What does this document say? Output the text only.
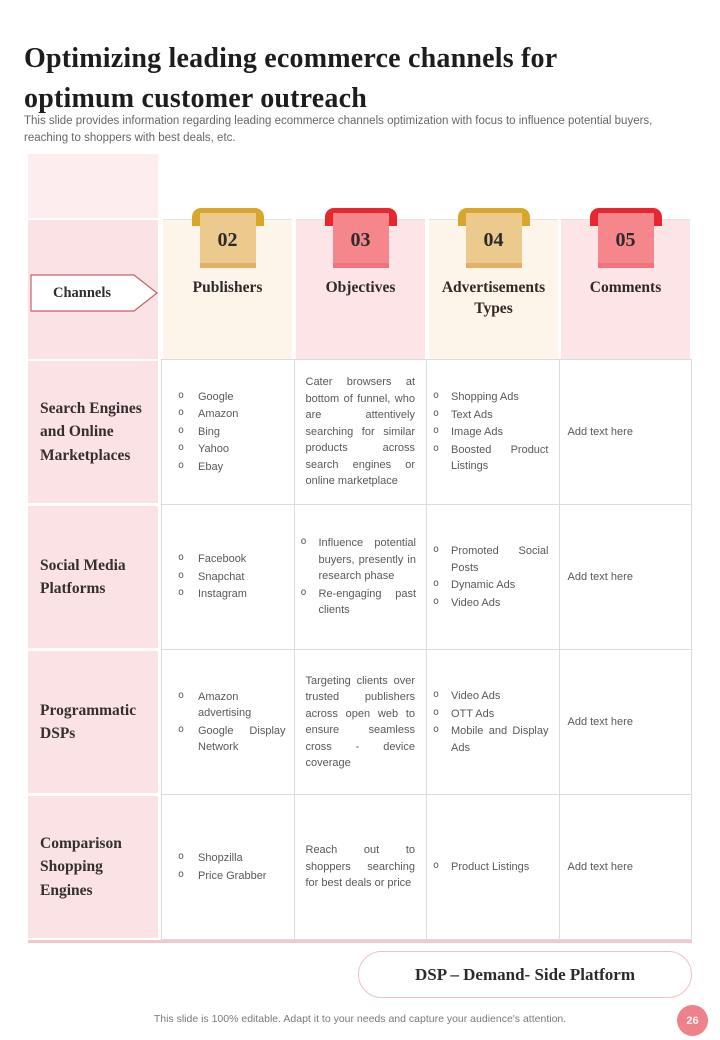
Optimizing leading ecommerce channels for optimum customer outreach

This slide provides information regarding leading ecommerce channels optimization with focus to influence potential buyers, reaching to shoppers with best deals, etc.

Channels
Search Engines and Online Marketplaces
Social Media Platforms
Programmatic DSPs
Comparison Shopping Engines
02
Publishers
03
Objectives
04
Advertisements Types
05
Comments
o Google
o Amazon
o Bing
o Yahoo
o Ebay

Cater browsers at bottom of funnel, who are attentively searching for similar products across search engines or online marketplace

o Shopping Ads
o Text Ads
o Image Ads
o Boosted Product Listings
Add text here
o Facebook
o Snapchat
o Instagram
o Influence potential buyers, presently in research phase
o Re-engaging past clients
o Promoted Social Posts
o Dynamic Ads
o Video Ads
Add text here
o Amazon advertising
o Google Display Network

Targeting clients over trusted publishers across open web to ensure seamless cross - device coverage

o Video Ads
o OTT Ads
o Mobile and Display Ads
Add text here
o Shopzilla
o Price Grabber

Reach out to shoppers searching for best deals or price

o Product Listings	Add text here
DSP – Demand- Side Platform
This slide is 100% editable. Adapt it to your needs and capture your audience's attention.	26
